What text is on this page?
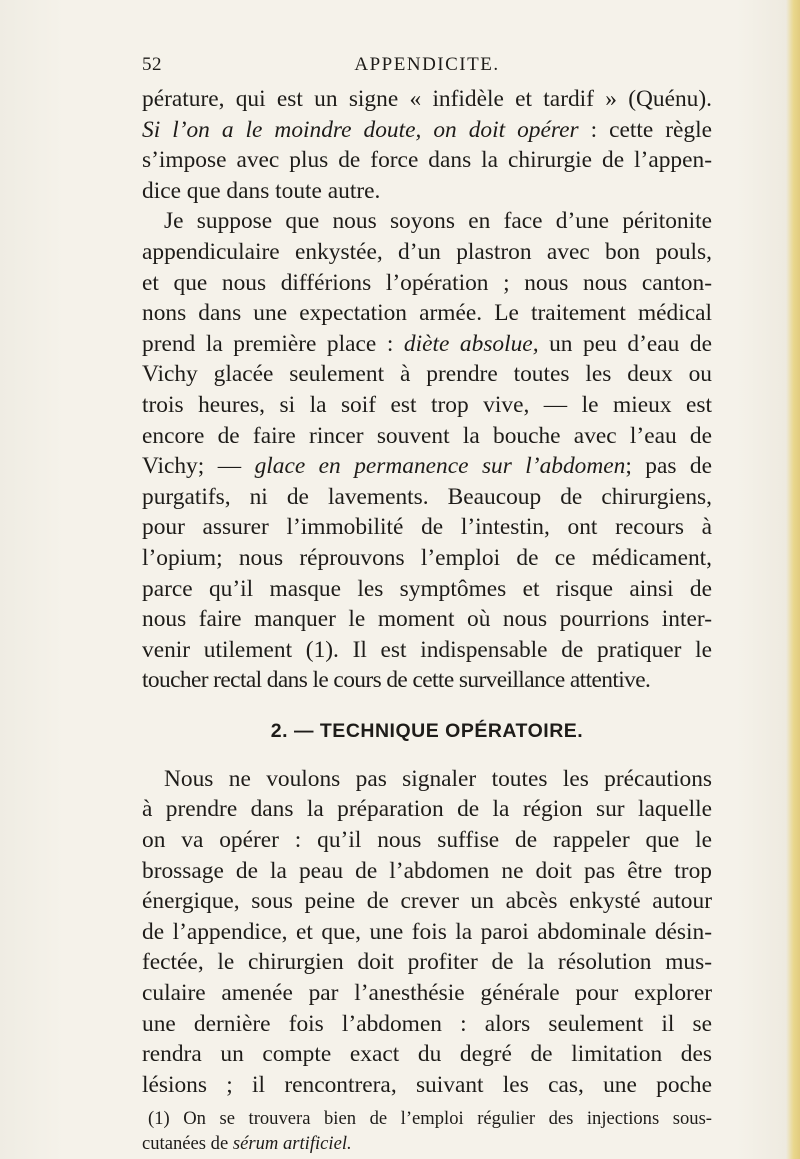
52	APPENDICITE.
pérature, qui est un signe « infidèle et tardif » (Quénu).
Si l’on a le moindre doute, on doit opérer : cette règle
s’impose avec plus de force dans la chirurgie de l’appen-
dice que dans toute autre.
Je suppose que nous soyons en face d’une péritonite
appendiculaire enkystée, d’un plastron avec bon pouls,
et que nous différions l’opération ; nous nous canton-
nons dans une expectation armée. Le traitement médical
prend la première place : diète absolue, un peu d’eau de
Vichy glacée seulement à prendre toutes les deux ou
trois heures, si la soif est trop vive, — le mieux est
encore de faire rincer souvent la bouche avec l’eau de
Vichy; — glace en permanence sur l’abdomen; pas de
purgatifs, ni de lavements. Beaucoup de chirurgiens,
pour assurer l’immobilité de l’intestin, ont recours à
l’opium; nous réprouvons l’emploi de ce médicament,
parce qu’il masque les symptômes et risque ainsi de
nous faire manquer le moment où nous pourrions inter-
venir utilement (1). Il est indispensable de pratiquer le
toucher rectal dans le cours de cette surveillance attentive.
2. — TECHNIQUE OPÉRATOIRE.
Nous ne voulons pas signaler toutes les précautions
à prendre dans la préparation de la région sur laquelle
on va opérer : qu’il nous suffise de rappeler que le
brossage de la peau de l’abdomen ne doit pas être trop
énergique, sous peine de crever un abcès enkysté autour
de l’appendice, et que, une fois la paroi abdominale désin-
fectée, le chirurgien doit profiter de la résolution mus-
culaire amenée par l’anesthésie générale pour explorer
une dernière fois l’abdomen : alors seulement il se
rendra un compte exact du degré de limitation des
lésions ; il rencontrera, suivant les cas, une poche
(1) On se trouvera bien de l’emploi régulier des injections sous-
cutanées de sérum artificiel.
